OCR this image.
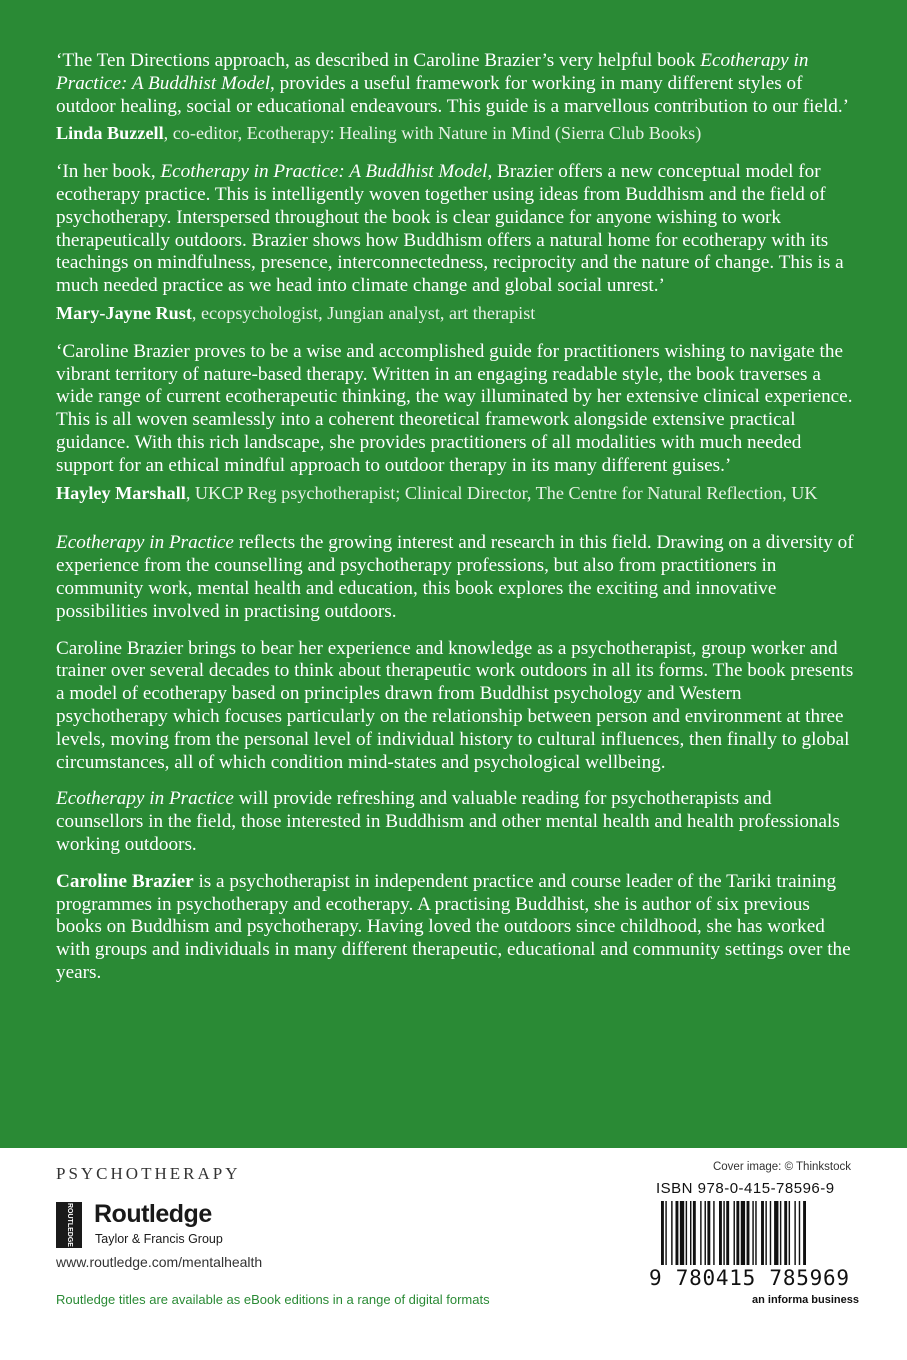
‘The Ten Directions approach, as described in Caroline Brazier’s very helpful book Ecotherapy in Practice: A Buddhist Model, provides a useful framework for working in many different styles of outdoor healing, social or educational endeavours. This guide is a marvellous contribution to our field.’

Linda Buzzell, co-editor, Ecotherapy: Healing with Nature in Mind (Sierra Club Books)

‘In her book, Ecotherapy in Practice: A Buddhist Model, Brazier offers a new conceptual model for ecotherapy practice. This is intelligently woven together using ideas from Buddhism and the field of psychotherapy. Interspersed throughout the book is clear guidance for anyone wishing to work therapeutically outdoors. Brazier shows how Buddhism offers a natural home for ecotherapy with its teachings on mindfulness, presence, interconnectedness, reciprocity and the nature of change. This is a much needed practice as we head into climate change and global social unrest.’

Mary-Jayne Rust, ecopsychologist, Jungian analyst, art therapist

‘Caroline Brazier proves to be a wise and accomplished guide for practitioners wishing to navigate the vibrant territory of nature-based therapy. Written in an engaging readable style, the book traverses a wide range of current ecotherapeutic thinking, the way illuminated by her extensive clinical experience. This is all woven seamlessly into a coherent theoretical framework alongside extensive practical guidance. With this rich landscape, she provides practitioners of all modalities with much needed support for an ethical mindful approach to outdoor therapy in its many different guises.’

Hayley Marshall, UKCP Reg psychotherapist; Clinical Director, The Centre for Natural Reflection, UK

Ecotherapy in Practice reflects the growing interest and research in this field. Drawing on a diversity of experience from the counselling and psychotherapy professions, but also from practitioners in community work, mental health and education, this book explores the exciting and innovative possibilities involved in practising outdoors.

Caroline Brazier brings to bear her experience and knowledge as a psychotherapist, group worker and trainer over several decades to think about therapeutic work outdoors in all its forms. The book presents a model of ecotherapy based on principles drawn from Buddhist psychology and Western psychotherapy which focuses particularly on the relationship between person and environment at three levels, moving from the personal level of individual history to cultural influences, then finally to global circumstances, all of which condition mind-states and psychological wellbeing.

Ecotherapy in Practice will provide refreshing and valuable reading for psychotherapists and counsellors in the field, those interested in Buddhism and other mental health and health professionals working outdoors.

Caroline Brazier is a psychotherapist in independent practice and course leader of the Tariki training programmes in psychotherapy and ecotherapy. A practising Buddhist, she is author of six previous books on Buddhism and psychotherapy. Having loved the outdoors since childhood, she has worked with groups and individuals in many different therapeutic, educational and community settings over the years.

PSYCHOTHERAPY
ROUTLEDGE Routledge
Taylor & Francis Group
www.routledge.com/mentalhealth
Routledge titles are available as eBook editions in a range of digital formats
Cover image: © Thinkstock
ISBN 978-0-415-78596-9
9 780415 785969
an informa business
